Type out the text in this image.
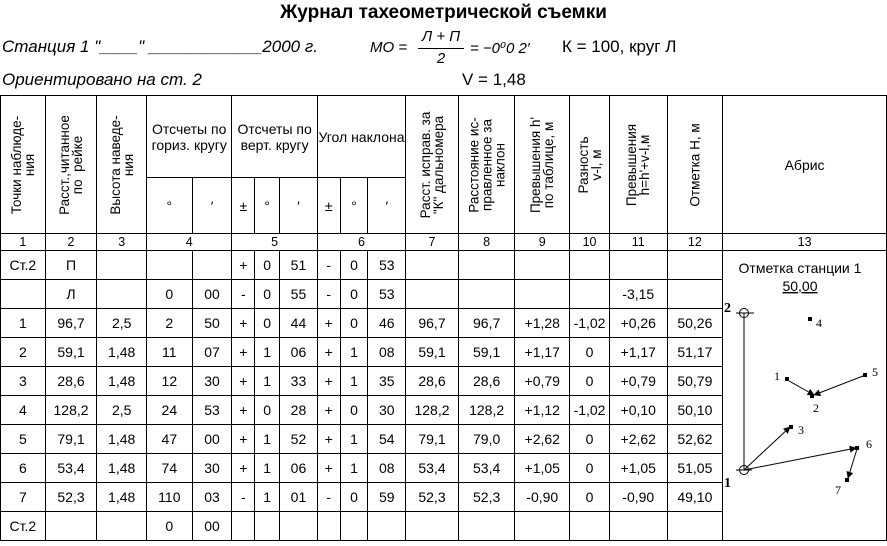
Журнал тахеометрической съемки
Станция 1 "____" ____________2000 г.	МО =
Л + П
2
= −0⁰0 2′ К = 100, круг Л
Ориентировано на ст. 2	V = 1,48
Точки наблюде-
ния	Расст.,читанное
по  рейке	Высота наведе-
ния	Отсчеты по гориз. кругу		Отсчеты по верт. кругу			Угол наклона			Расст. исправ. за
"К" дальномера	Расстояние ис-
правленное за
наклон	Превышения h'
по таблице, м	Разность
v-l, м	Превышения
h=h'+v-l,м	Отметка Н, м	Абрис
			°	′	±	°	′	±	°	′							
1	2	3	4		5			6			7	8	9	10	11	12	13
Ст.2	П				+	0	51	-	0	53							
	Л		0	00	-	0	55	-	0	53					-3,15		
1	96,7	2,5	2	50	+	0	44	+	0	46	96,7	96,7	+1,28	-1,02	+0,26	50,26	
2	59,1	1,48	11	07	+	1	06	+	1	08	59,1	59,1	+1,17	0	+1,17	51,17	
3	28,6	1,48	12	30	+	1	33	+	1	35	28,6	28,6	+0,79	0	+0,79	50,79	
4	128,2	2,5	24	53	+	0	28	+	0	30	128,2	128,2	+1,12	-1,02	+0,10	50,10	
5	79,1	1,48	47	00	+	1	52	+	1	54	79,1	79,0	+2,62	0	+2,62	52,62	
6	53,4	1,48	74	30	+	1	06	+	1	08	53,4	53,4	+1,05	0	+1,05	51,05	
7	52,3	1,48	110	03	-	1	01	-	0	59	52,3	52,3	-0,90	0	-0,90	49,10	
Ст.2			0	00													
Отметка станции 1
50,00
2
1
4
1
2
5
3
6
7
